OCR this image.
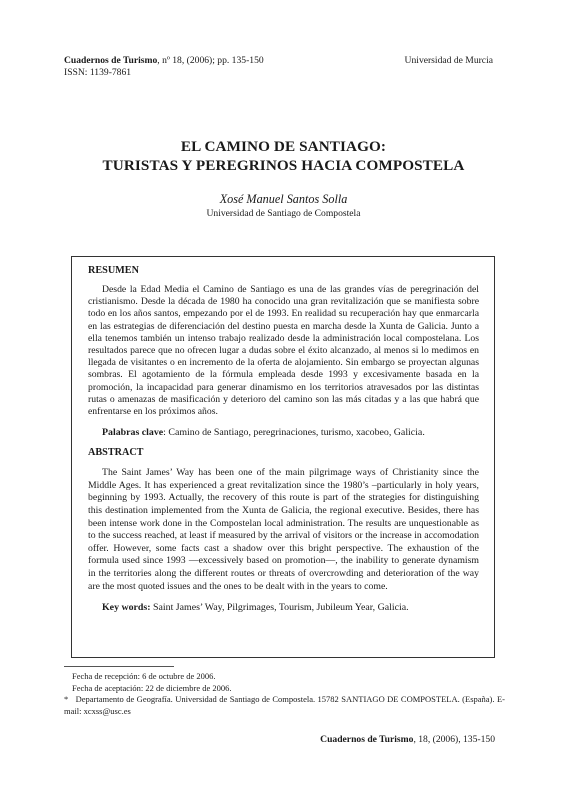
Cuadernos de Turismo, nº 18, (2006); pp. 135-150
ISSN: 1139-7861
Universidad de Murcia
EL CAMINO DE SANTIAGO:
TURISTAS Y PEREGRINOS HACIA COMPOSTELA
Xosé Manuel Santos Solla
Universidad de Santiago de Compostela
RESUMEN
Desde la Edad Media el Camino de Santiago es una de las grandes vías de peregrinación del cristianismo. Desde la década de 1980 ha conocido una gran revitalización que se manifiesta sobre todo en los años santos, empezando por el de 1993. En realidad su recuperación hay que enmarcarla en las estrategias de diferenciación del destino puesta en marcha desde la Xunta de Galicia. Junto a ella tenemos también un intenso trabajo realizado desde la administración local compostelana. Los resultados parece que no ofrecen lugar a dudas sobre el éxito alcanzado, al menos si lo medimos en llegada de visitantes o en incremento de la oferta de alojamiento. Sin embargo se proyectan algunas sombras. El agotamiento de la fórmula empleada desde 1993 y excesivamente basada en la promoción, la incapacidad para generar dinamismo en los territorios atravesados por las distintas rutas o amenazas de masificación y deterioro del camino son las más citadas y a las que habrá que enfrentarse en los próximos años.
Palabras clave: Camino de Santiago, peregrinaciones, turismo, xacobeo, Galicia.
ABSTRACT
The Saint James’ Way has been one of the main pilgrimage ways of Christianity since the Middle Ages. It has experienced a great revitalization since the 1980’s –particularly in holy years, beginning by 1993. Actually, the recovery of this route is part of the strategies for distinguishing this destination implemented from the Xunta de Galicia, the regional executive. Besides, there has been intense work done in the Compostelan local administration. The results are unquestionable as to the success reached, at least if measured by the arrival of visitors or the increase in accomodation offer. However, some facts cast a shadow over this bright perspective. The exhaustion of the formula used since 1993 —excessively based on promotion—, the inability to generate dynamism in the territories along the different routes or threats of overcrowding and deterioration of the way are the most quoted issues and the ones to be dealt with in the years to come.
Key words: Saint James’ Way, Pilgrimages, Tourism, Jubileum Year, Galicia.
Fecha de recepción: 6 de octubre de 2006.
Fecha de aceptación: 22 de diciembre de 2006.
* Departamento de Geografía. Universidad de Santiago de Compostela. 15782 SANTIAGO DE COMPOSTELA. (España). E-mail: xcxss@usc.es
Cuadernos de Turismo, 18, (2006), 135-150
